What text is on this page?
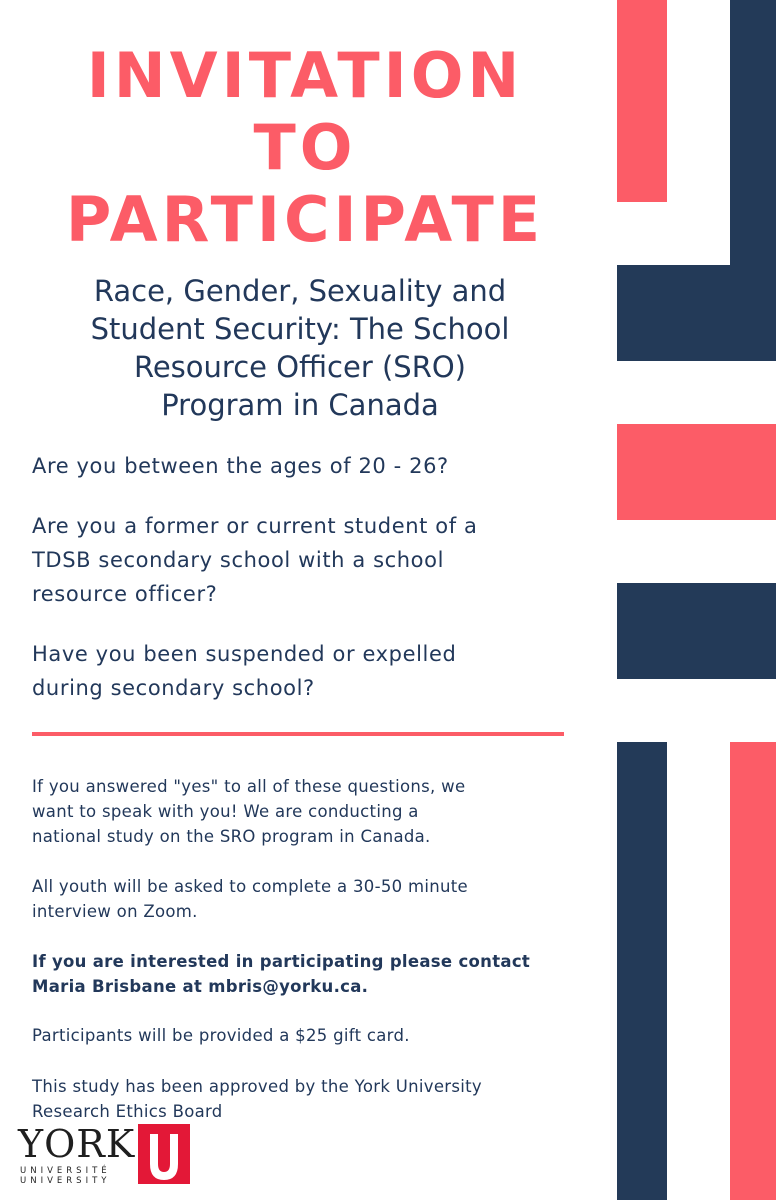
INVITATION

TO

PARTICIPATE

Race, Gender, Sexuality and
Student Security: The School
Resource Officer (SRO)
Program in Canada
Are you between the ages of 20 - 26?
Are you a former or current student of a
TDSB secondary school with a school
resource officer?
Have you been suspended or expelled
during secondary school?
If you answered "yes" to all of these questions, we
want to speak with you! We are conducting a
national study on the SRO program in Canada.
All youth will be asked to complete a 30-50 minute
interview on Zoom.
If you are interested in participating please contact
Maria Brisbane at mbris@yorku.ca.
Participants will be provided a $25 gift card.
This study has been approved by the York University
Research Ethics Board
YORK
UNIVERSITÉ
UNIVERSITY
